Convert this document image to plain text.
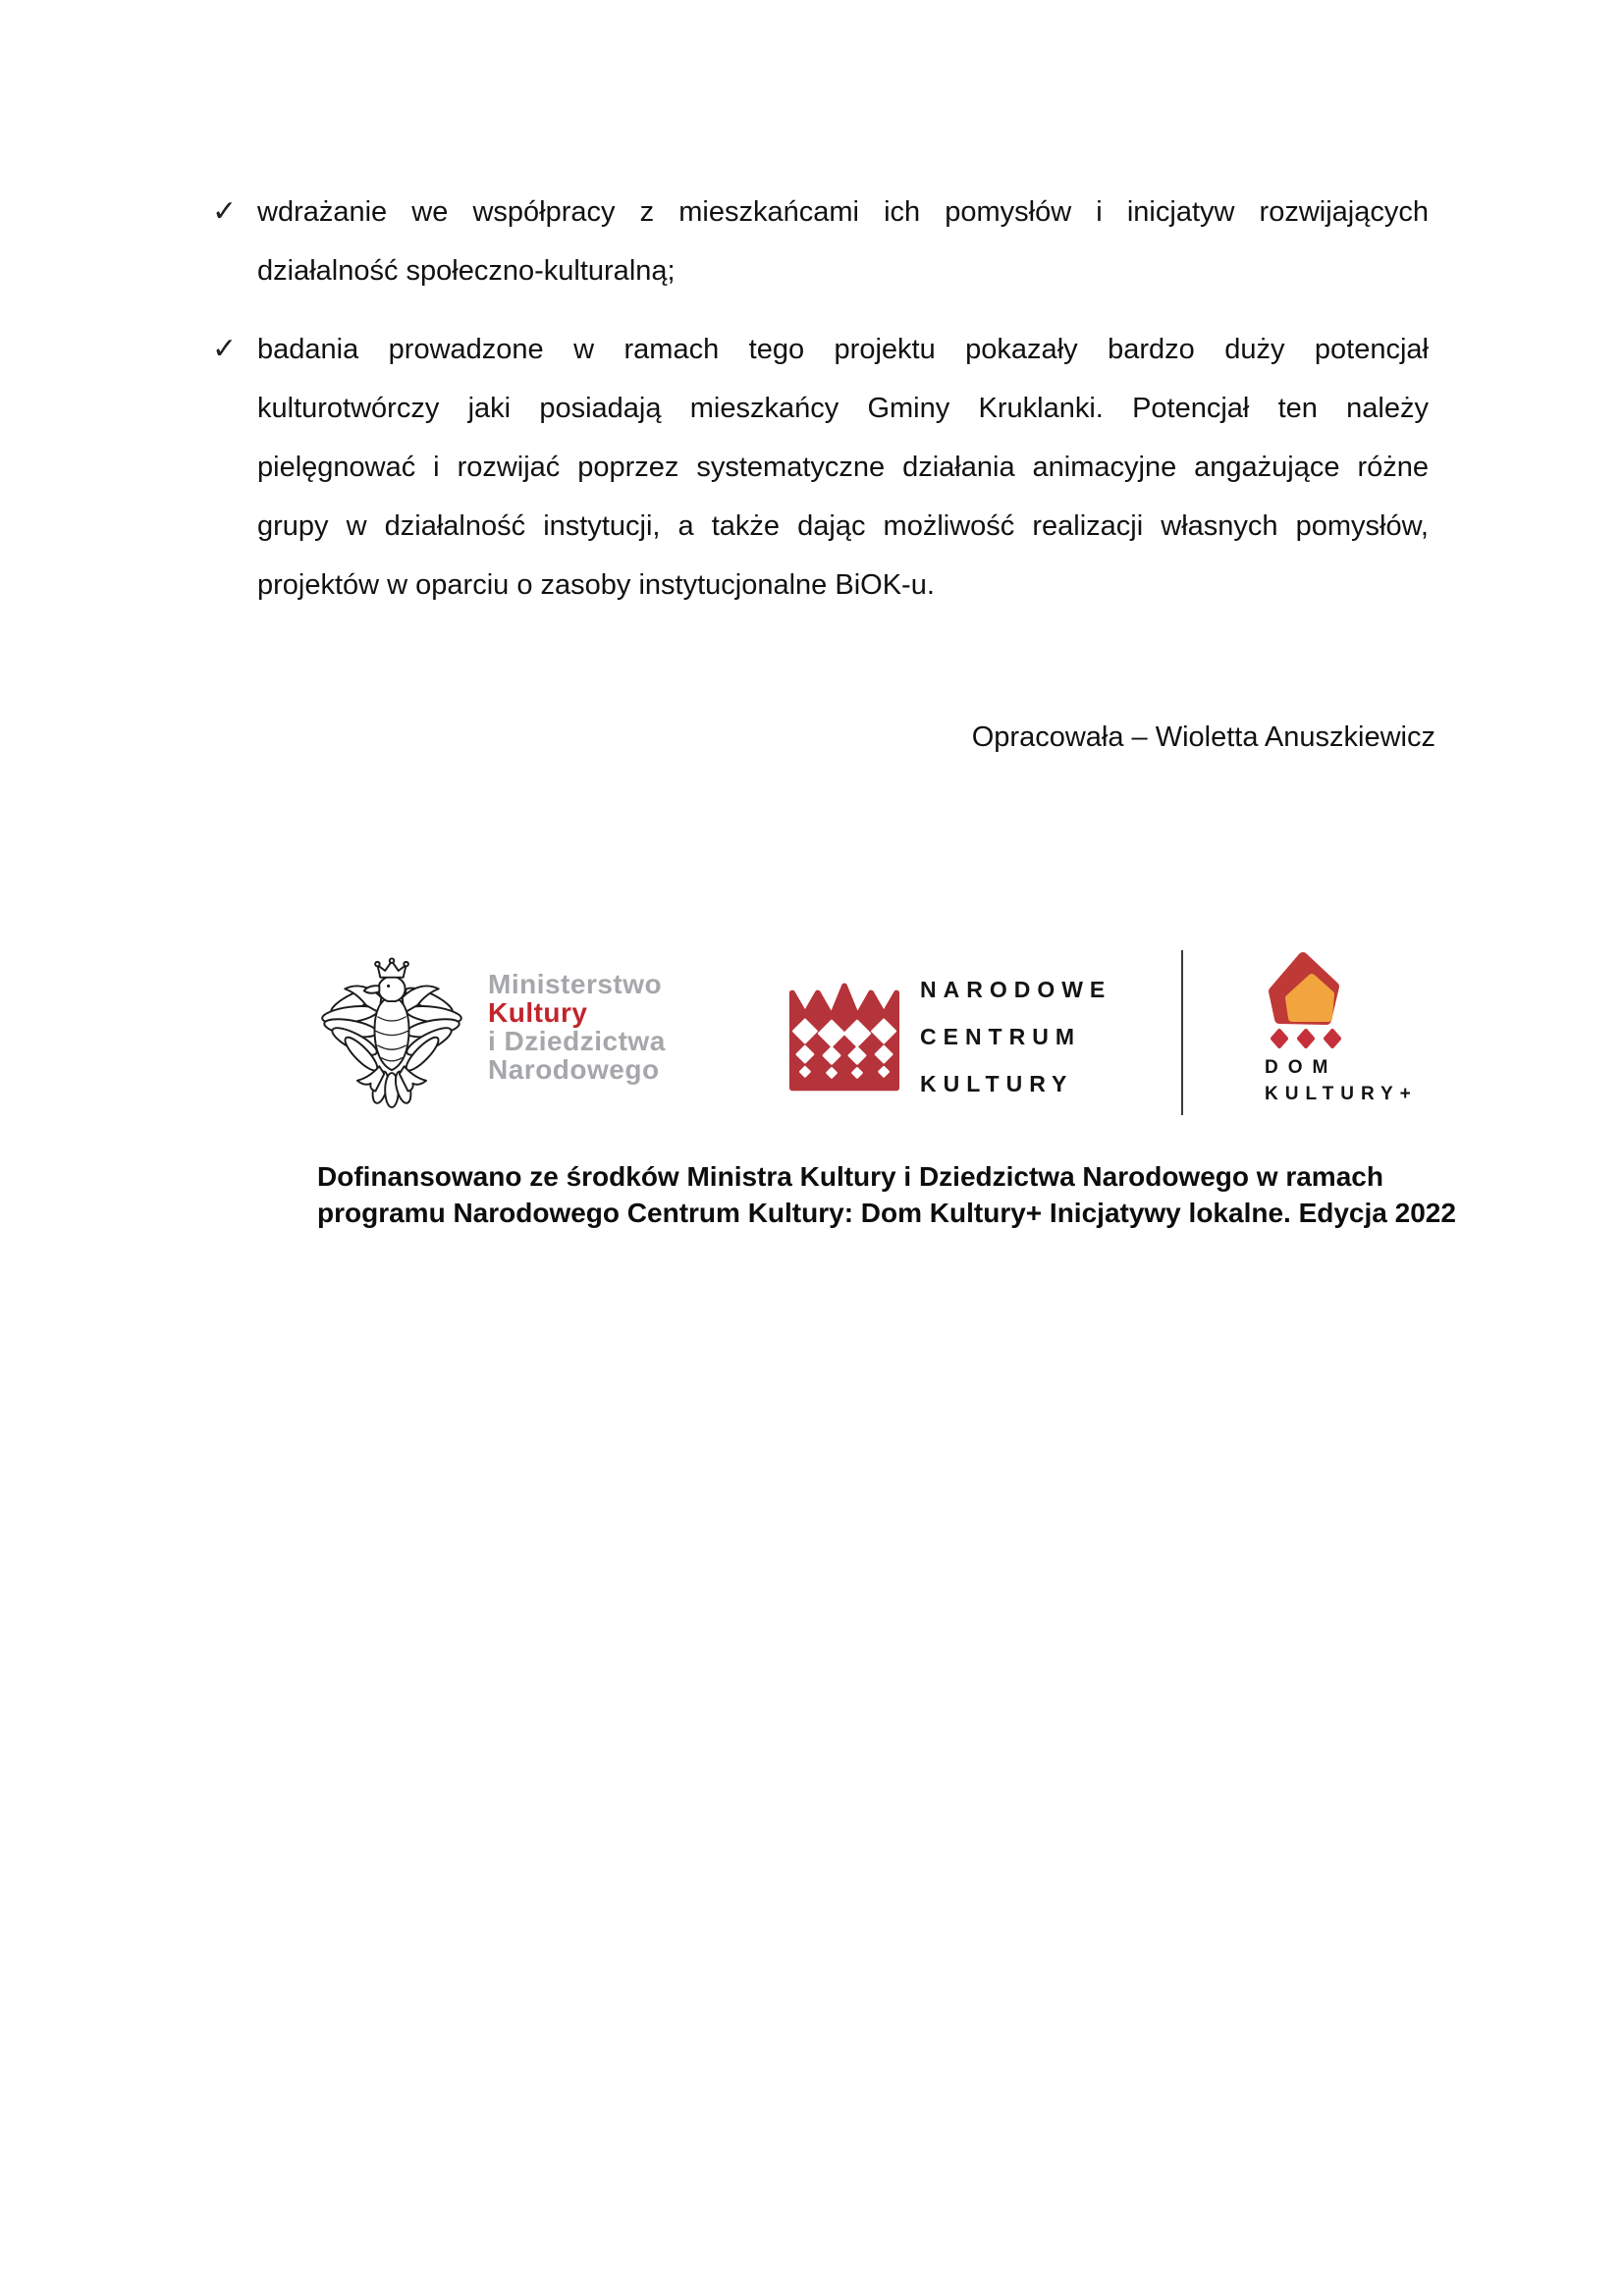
✓ wdrażanie we współpracy z mieszkańcami ich pomysłów i inicjatyw rozwijających
działalność społeczno-kulturalną;
✓ badania prowadzone w ramach tego projektu pokazały bardzo duży potencjał
kulturotwórczy jaki posiadają mieszkańcy Gminy Kruklanki. Potencjał ten należy
pielęgnować i rozwijać poprzez systematyczne działania animacyjne angażujące różne
grupy w działalność instytucji, a także dając możliwość realizacji własnych pomysłów,
projektów w oparciu o zasoby instytucjonalne BiOK-u.
Opracowała – Wioletta Anuszkiewicz
Ministerstwo
Kultury
i Dziedzictwa
Narodowego
NARODOWE
CENTRUM
KULTURY
DOM
KULTURY+
Dofinansowano ze środków Ministra Kultury i Dziedzictwa Narodowego w ramach
programu Narodowego Centrum Kultury: Dom Kultury+ Inicjatywy lokalne. Edycja 2022
